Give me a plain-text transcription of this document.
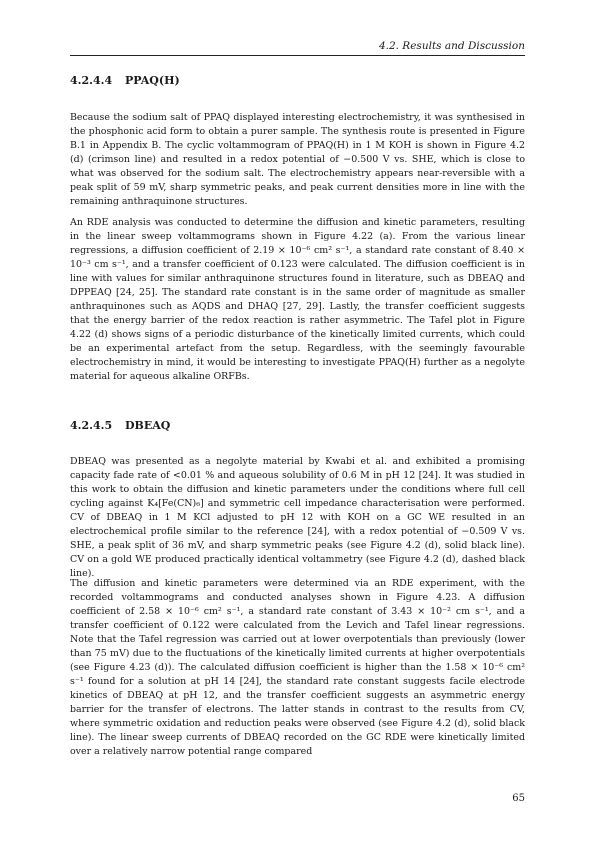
4.2. Results and Discussion
4.2.4.4 PPAQ(H)

Because the sodium salt of PPAQ displayed interesting electrochemistry, it was synthesised in the phosphonic acid form to obtain a purer sample. The synthesis route is presented in Figure B.1 in Appendix B. The cyclic voltammogram of PPAQ(H) in 1 M KOH is shown in Figure 4.2 (d) (crimson line) and resulted in a redox potential of −0.500 V vs. SHE, which is close to what was observed for the sodium salt. The electrochemistry appears near-reversible with a peak split of 59 mV, sharp symmetric peaks, and peak current densities more in line with the remaining anthraquinone structures.

An RDE analysis was conducted to determine the diffusion and kinetic parameters, resulting in the linear sweep voltammograms shown in Figure 4.22 (a). From the various linear regressions, a diffusion coefficient of 2.19 × 10⁻⁶ cm² s⁻¹, a standard rate constant of 8.40 × 10⁻³ cm s⁻¹, and a transfer coefficient of 0.123 were calculated. The diffusion coefficient is in line with values for similar anthraquinone structures found in literature, such as DBEAQ and DPPEAQ [24, 25]. The standard rate constant is in the same order of magnitude as smaller anthraquinones such as AQDS and DHAQ [27, 29]. Lastly, the transfer coefficient suggests that the energy barrier of the redox reaction is rather asymmetric. The Tafel plot in Figure 4.22 (d) shows signs of a periodic disturbance of the kinetically limited currents, which could be an experimental artefact from the setup. Regardless, with the seemingly favourable electrochemistry in mind, it would be interesting to investigate PPAQ(H) further as a negolyte material for aqueous alkaline ORFBs.

4.2.4.5 DBEAQ

DBEAQ was presented as a negolyte material by Kwabi et al. and exhibited a promising capacity fade rate of <0.01 % and aqueous solubility of 0.6 M in pH 12 [24]. It was studied in this work to obtain the diffusion and kinetic parameters under the conditions where full cell cycling against K₄[Fe(CN)₆] and symmetric cell impedance characterisation were performed. CV of DBEAQ in 1 M KCl adjusted to pH 12 with KOH on a GC WE resulted in an electrochemical profile similar to the reference [24], with a redox potential of −0.509 V vs. SHE, a peak split of 36 mV, and sharp symmetric peaks (see Figure 4.2 (d), solid black line). CV on a gold WE produced practically identical voltammetry (see Figure 4.2 (d), dashed black line).

The diffusion and kinetic parameters were determined via an RDE experiment, with the recorded voltammograms and conducted analyses shown in Figure 4.23. A diffusion coefficient of 2.58 × 10⁻⁶ cm² s⁻¹, a standard rate constant of 3.43 × 10⁻² cm s⁻¹, and a transfer coefficient of 0.122 were calculated from the Levich and Tafel linear regressions. Note that the Tafel regression was carried out at lower overpotentials than previously (lower than 75 mV) due to the fluctuations of the kinetically limited currents at higher overpotentials (see Figure 4.23 (d)). The calculated diffusion coefficient is higher than the 1.58 × 10⁻⁶ cm² s⁻¹ found for a solution at pH 14 [24], the standard rate constant suggests facile electrode kinetics of DBEAQ at pH 12, and the transfer coefficient suggests an asymmetric energy barrier for the transfer of electrons. The latter stands in contrast to the results from CV, where symmetric oxidation and reduction peaks were observed (see Figure 4.2 (d), solid black line). The linear sweep currents of DBEAQ recorded on the GC RDE were kinetically limited over a relatively narrow potential range compared

65
